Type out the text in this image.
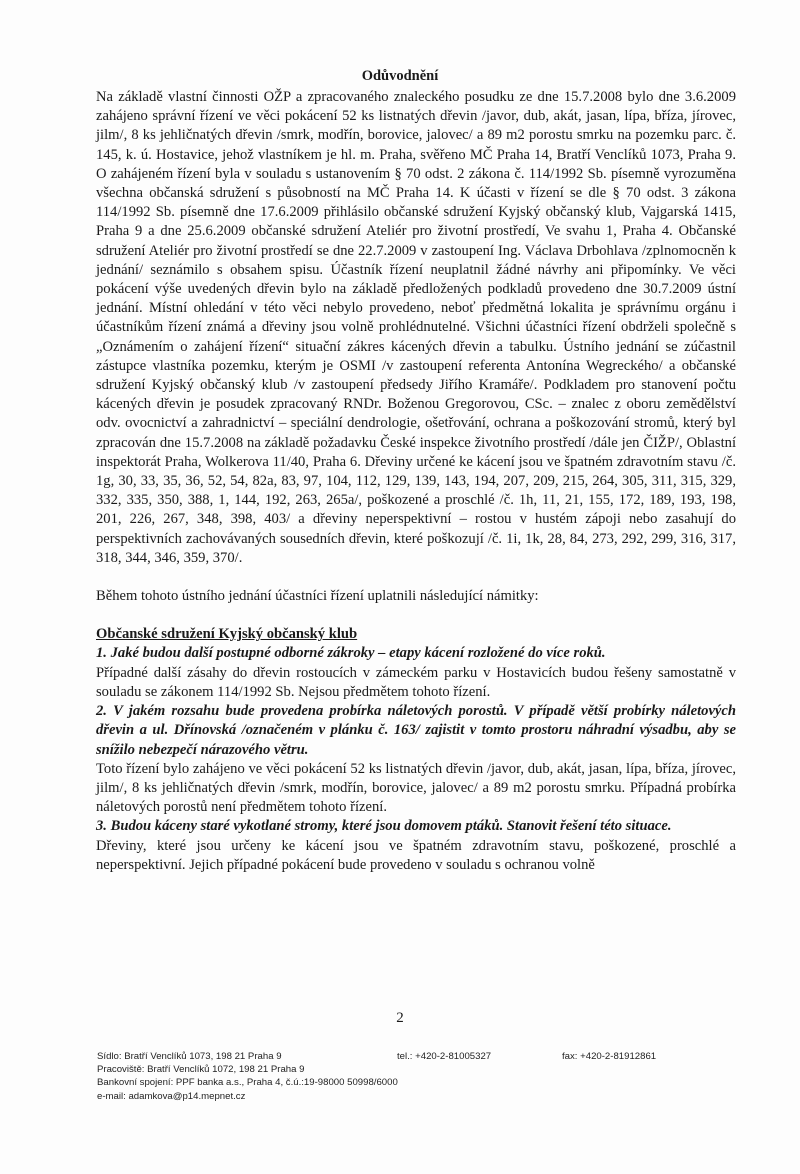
Odůvodnění

Na základě vlastní činnosti OŽP a zpracovaného znaleckého posudku ze dne 15.7.2008 bylo dne 3.6.2009 zahájeno správní řízení ve věci pokácení 52 ks listnatých dřevin /javor, dub, akát, jasan, lípa, bříza, jírovec, jilm/, 8 ks jehličnatých dřevin /smrk, modřín, borovice, jalovec/ a 89 m2 porostu smrku na pozemku parc. č. 145, k. ú. Hostavice, jehož vlastníkem je hl. m. Praha, svěřeno MČ Praha 14, Bratří Venclíků 1073, Praha 9. O zahájeném řízení byla v souladu s ustanovením § 70 odst. 2 zákona č. 114/1992 Sb. písemně vyrozuměna všechna občanská sdružení s působností na MČ Praha 14. K účasti v řízení se dle § 70 odst. 3 zákona 114/1992 Sb. písemně dne 17.6.2009 přihlásilo občanské sdružení Kyjský občanský klub, Vajgarská 1415, Praha 9 a dne 25.6.2009 občanské sdružení Ateliér pro životní prostředí, Ve svahu 1, Praha 4. Občanské sdružení Ateliér pro životní prostředí se dne 22.7.2009 v zastoupení Ing. Václava Drbohlava /zplnomocněn k jednání/ seznámilo s obsahem spisu. Účastník řízení neuplatnil žádné návrhy ani připomínky. Ve věci pokácení výše uvedených dřevin bylo na základě předložených podkladů provedeno dne 30.7.2009 ústní jednání. Místní ohledání v této věci nebylo provedeno, neboť předmětná lokalita je správnímu orgánu i účastníkům řízení známá a dřeviny jsou volně prohlédnutelné. Všichni účastníci řízení obdrželi společně s „Oznámením o zahájení řízení“ situační zákres kácených dřevin a tabulku. Ústního jednání se zúčastnil zástupce vlastníka pozemku, kterým je OSMI /v zastoupení referenta Antonína Wegreckého/ a občanské sdružení Kyjský občanský klub /v zastoupení předsedy Jiřího Kramáře/. Podkladem pro stanovení počtu kácených dřevin je posudek zpracovaný RNDr. Boženou Gregorovou, CSc. – znalec z oboru zemědělství odv. ovocnictví a zahradnictví – speciální dendrologie, ošetřování, ochrana a poškozování stromů, který byl zpracován dne 15.7.2008 na základě požadavku České inspekce životního prostředí /dále jen ČIŽP/, Oblastní inspektorát Praha, Wolkerova 11/40, Praha 6. Dřeviny určené ke kácení jsou ve špatném zdravotním stavu /č. 1g, 30, 33, 35, 36, 52, 54, 82a, 83, 97, 104, 112, 129, 139, 143, 194, 207, 209, 215, 264, 305, 311, 315, 329, 332, 335, 350, 388, 1, 144, 192, 263, 265a/, poškozené a proschlé /č. 1h, 11, 21, 155, 172, 189, 193, 198, 201, 226, 267, 348, 398, 403/ a dřeviny neperspektivní – rostou v hustém zápoji nebo zasahují do perspektivních zachovávaných sousedních dřevin, které poškozují /č. 1i, 1k, 28, 84, 273, 292, 299, 316, 317, 318, 344, 346, 359, 370/.

Během tohoto ústního jednání účastníci řízení uplatnili následující námitky:

Občanské sdružení Kyjský občanský klub

1. Jaké budou další postupné odborné zákroky – etapy kácení rozložené do více roků.

Případné další zásahy do dřevin rostoucích v zámeckém parku v Hostavicích budou řešeny samostatně v souladu se zákonem 114/1992 Sb. Nejsou předmětem tohoto řízení.

2. V jakém rozsahu bude provedena probírka náletových porostů. V případě větší probírky náletových dřevin a ul. Dřínovská /označeném v plánku č. 163/ zajistit v tomto prostoru náhradní výsadbu, aby se snížilo nebezpečí nárazového větru.

Toto řízení bylo zahájeno ve věci pokácení 52 ks listnatých dřevin /javor, dub, akát, jasan, lípa, bříza, jírovec, jilm/, 8 ks jehličnatých dřevin /smrk, modřín, borovice, jalovec/ a 89 m2 porostu smrku. Případná probírka náletových porostů není předmětem tohoto řízení.

3. Budou káceny staré vykotlané stromy, které jsou domovem ptáků. Stanovit řešení této situace.

Dřeviny, které jsou určeny ke kácení jsou ve špatném zdravotním stavu, poškozené, proschlé a neperspektivní. Jejich případné pokácení bude provedeno v souladu s ochranou volně

2
Sídlo: Bratří Venclíků 1073, 198 21 Praha 9	tel.: +420-2-81005327	fax: +420-2-81912861
Pracoviště: Bratří Venclíků 1072, 198 21 Praha 9
Bankovní spojení: PPF banka a.s., Praha 4, č.ú.:19-98000 50998/6000
e-mail: adamkova@p14.mepnet.cz
